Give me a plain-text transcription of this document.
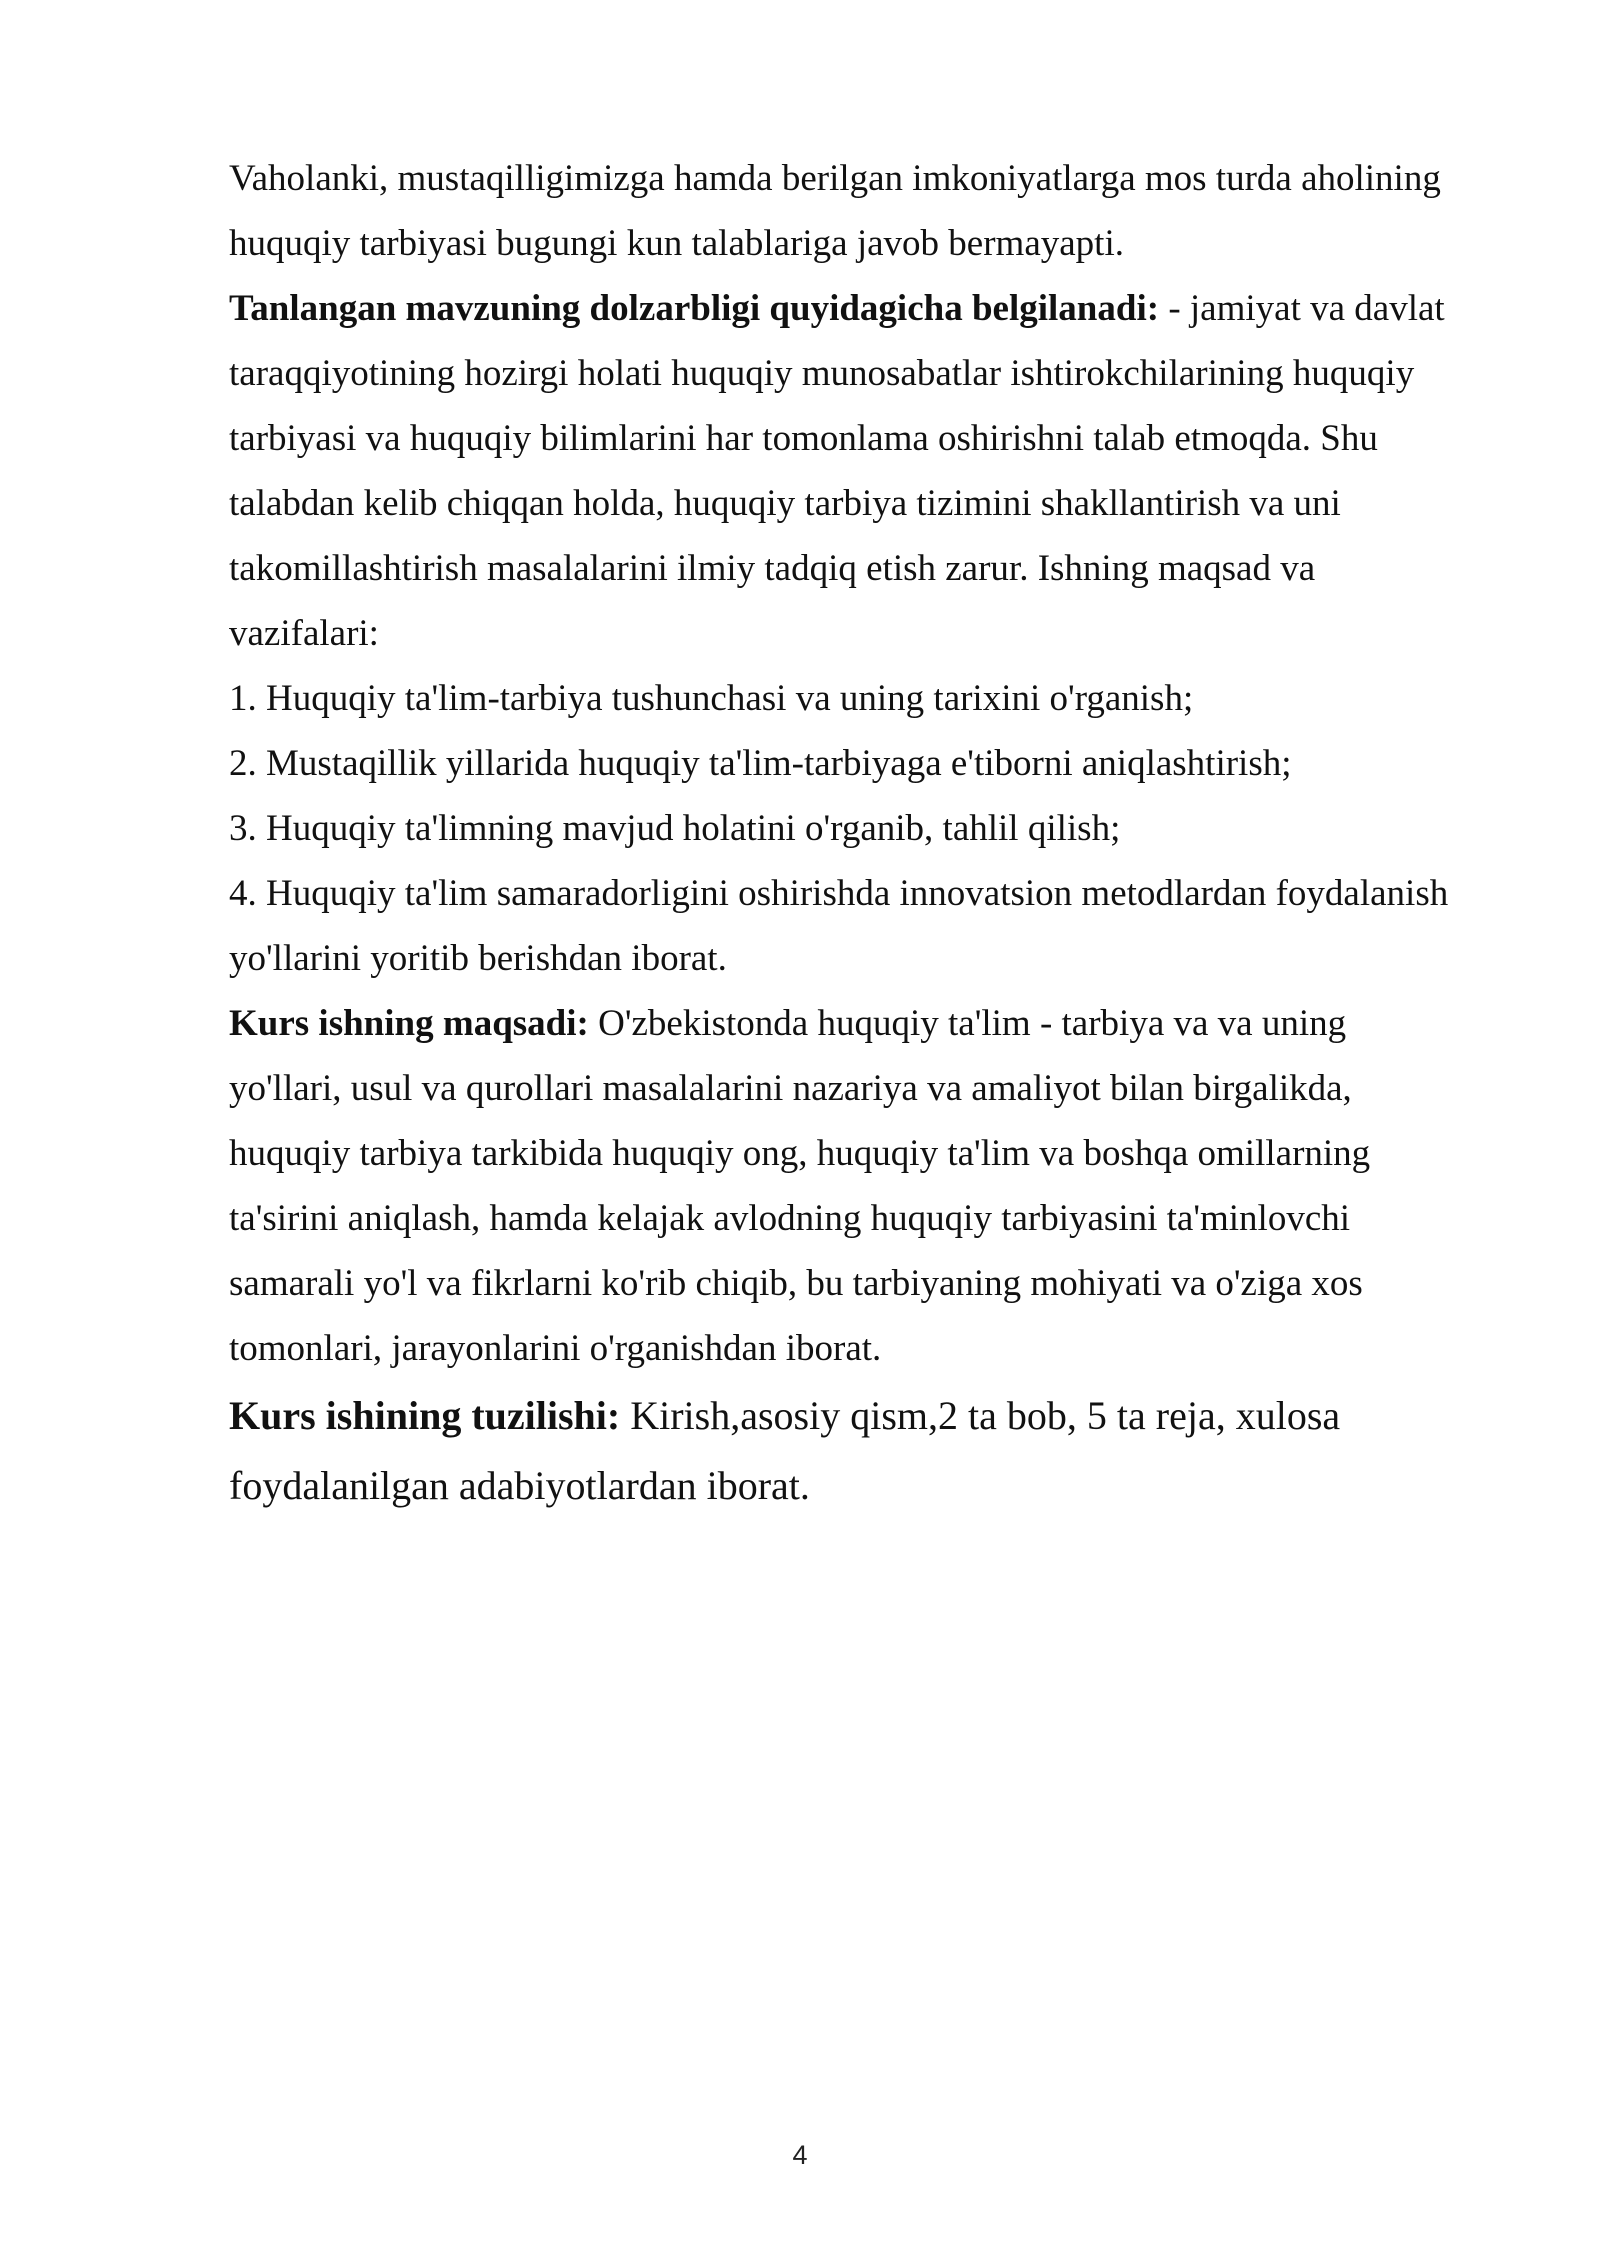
Vaholanki, mustaqilligimizga hamda berilgan imkoniyatlarga mos turda aholining
huquqiy tarbiyasi bugungi kun talablariga javob bermayapti.
Tanlangan mavzuning dolzarbligi quyidagicha belgilanadi: - jamiyat va davlat
taraqqiyotining hozirgi holati huquqiy munosabatlar ishtirokchilarining huquqiy
tarbiyasi va huquqiy bilimlarini har tomonlama oshirishni talab etmoqda. Shu
talabdan kelib chiqqan holda, huquqiy tarbiya tizimini shakllantirish va uni
takomillashtirish masalalarini ilmiy tadqiq etish zarur. Ishning maqsad va
vazifalari:
1. Huquqiy ta'lim-tarbiya tushunchasi va uning tarixini o'rganish;
2. Mustaqillik yillarida huquqiy ta'lim-tarbiyaga e'tiborni aniqlashtirish;
3. Huquqiy ta'limning mavjud holatini o'rganib, tahlil qilish;
4. Huquqiy ta'lim samaradorligini oshirishda innovatsion metodlardan foydalanish
yo'llarini yoritib berishdan iborat.
Kurs ishning maqsadi: O'zbekistonda huquqiy ta'lim - tarbiya va va uning
yo'llari, usul va qurollari masalalarini nazariya va amaliyot bilan birgalikda,
huquqiy tarbiya tarkibida huquqiy ong, huquqiy ta'lim va boshqa omillarning
ta'sirini aniqlash, hamda kelajak avlodning huquqiy tarbiyasini ta'minlovchi
samarali yo'l va fikrlarni ko'rib chiqib, bu tarbiyaning mohiyati va o'ziga xos
tomonlari, jarayonlarini o'rganishdan iborat.
Kurs ishining tuzilishi: Kirish,asosiy qism,2 ta bob, 5 ta reja, xulosa
foydalanilgan adabiyotlardan iborat.
4
